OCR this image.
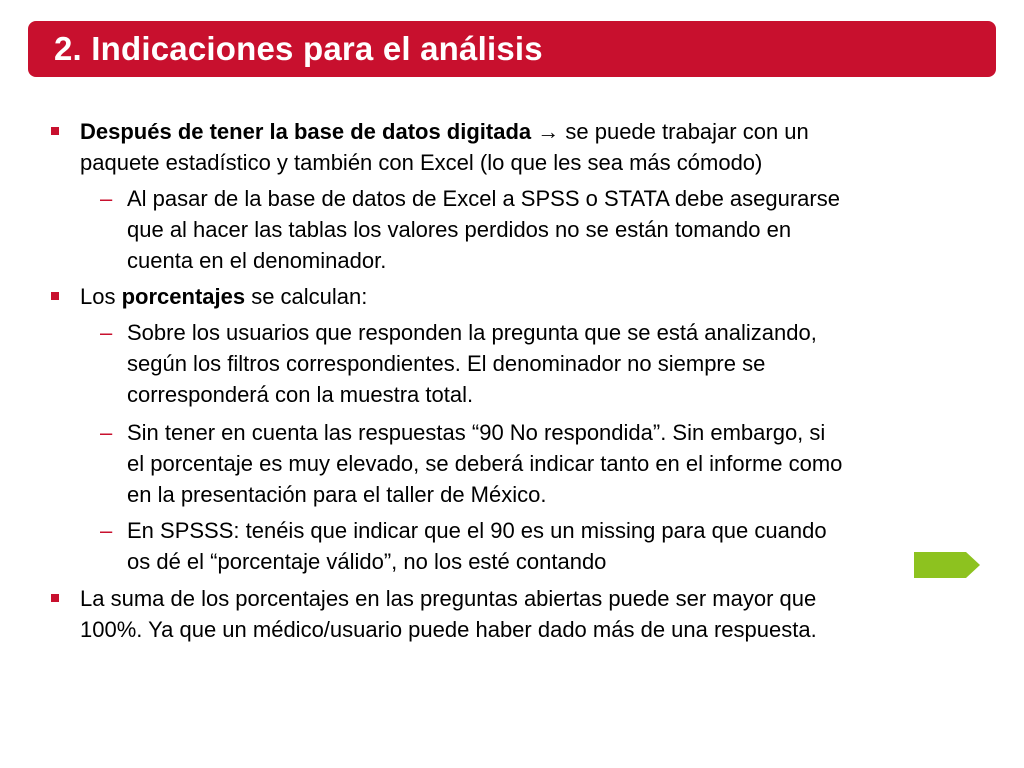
2. Indicaciones para el análisis
Después de tener la base de datos digitada → se puede trabajar con un
paquete estadístico y también con Excel (lo que les sea más cómodo)
– Al pasar de la base de datos de Excel a SPSS o STATA debe asegurarse
que al hacer las tablas los valores perdidos no se están tomando en
cuenta en el denominador.
Los porcentajes se calculan:
– Sobre los usuarios que responden la pregunta que se está analizando,
según los filtros correspondientes. El denominador no siempre se
corresponderá con la muestra total.
– Sin tener en cuenta las respuestas “90 No respondida”. Sin embargo, si
el porcentaje es muy elevado, se deberá indicar tanto en el informe como
en la presentación para el taller de México.
– En SPSSS: tenéis que indicar que el 90 es un missing para que cuando
os dé el “porcentaje válido”, no los esté contando
La suma de los porcentajes en las preguntas abiertas puede ser mayor que
100%. Ya que un médico/usuario puede haber dado más de una respuesta.
